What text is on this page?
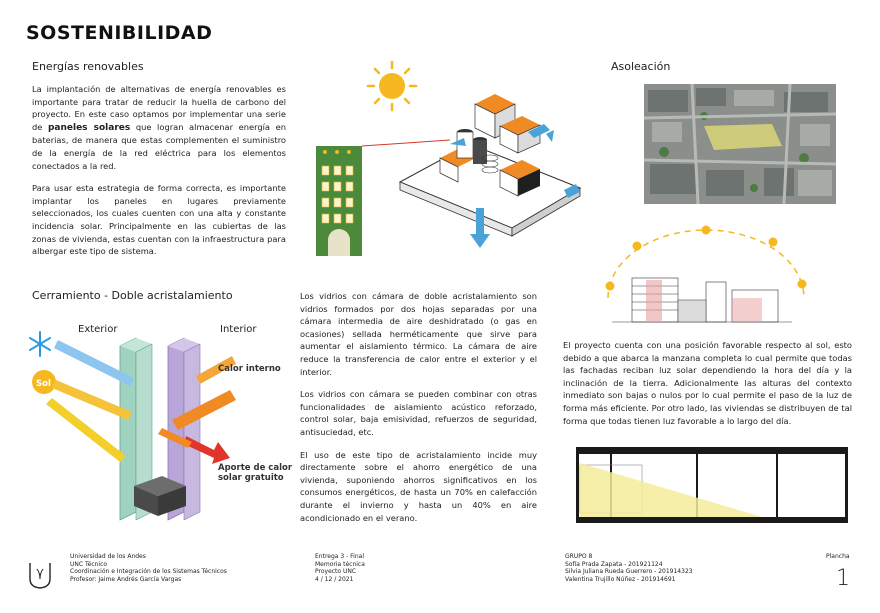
SOSTENIBILIDAD
Energías renovables

La implantación de alternativas de energía renovables es importante para tratar de reducir la huella de carbono del proyecto. En este caso optamos por implementar una serie de paneles solares que logran almacenar energía en baterias, de manera que estas complementen el suministro de la energía de la red eléctrica para los elementos conectados a la red.

Para usar esta estrategia de forma correcta, es importante implantar los paneles en lugares previamente seleccionados, los cuales cuenten con una alta y constante incidencia solar. Principalmente en las cubiertas de las zonas de vivienda, estas cuentan con la infraestructura para albergar este tipo de sistema.

Asoleación
El proyecto cuenta con una posición favorable respecto al sol, esto debido a que abarca la manzana completa lo cual permite que todas las fachadas reciban luz solar dependiendo la hora del día y la inclinación de la tierra. Adicionalmente las alturas del contexto inmediato son bajas o nulos por lo cual permite el paso de la luz de forma más eficiente. Por otro lado, las viviendas se distribuyen de tal forma que todas tienen luz favorable a lo largo del día.
Cerramiento - Doble acristalamiento
Exterior	Interior
Sol
Calor interno
Aporte de calor
solar gratuito

Los vidrios con cámara de doble acristalamiento son vidrios formados por dos hojas separadas por una cámara intermedia de aire deshidratado (o gas en ocasiones) sellada herméticamente que sirve para aumentar el aislamiento térmico. La cámara de aire reduce la transferencia de calor entre el exterior y el interior.

Los vidrios con cámara se pueden combinar con otras funcionalidades de aislamiento acústico reforzado, control solar, baja emisividad, refuerzos de seguridad, antisuciedad, etc.

El uso de este tipo de acristalamiento incide muy directamente sobre el ahorro energético de una vivienda, suponiendo ahorros significativos en los consumos energéticos, de hasta un 70% en calefacción durante el invierno y hasta un 40% en aire acondicionado en el verano.

Universidad de los Andes
UNC Técnico
Coordinación e Integración de los Sistemas Técnicos
Profesor: Jaime Andrés García Vargas
Entrega 3 - Final
Memoria técnica
Proyecto UNC
4 / 12 / 2021
GRUPO 8
Sofía Prada Zapata - 201921124
Silvia Juliana Rueda Guerrero - 201914323
Valentina Trujillo Núñez - 201914691
Plancha
1
